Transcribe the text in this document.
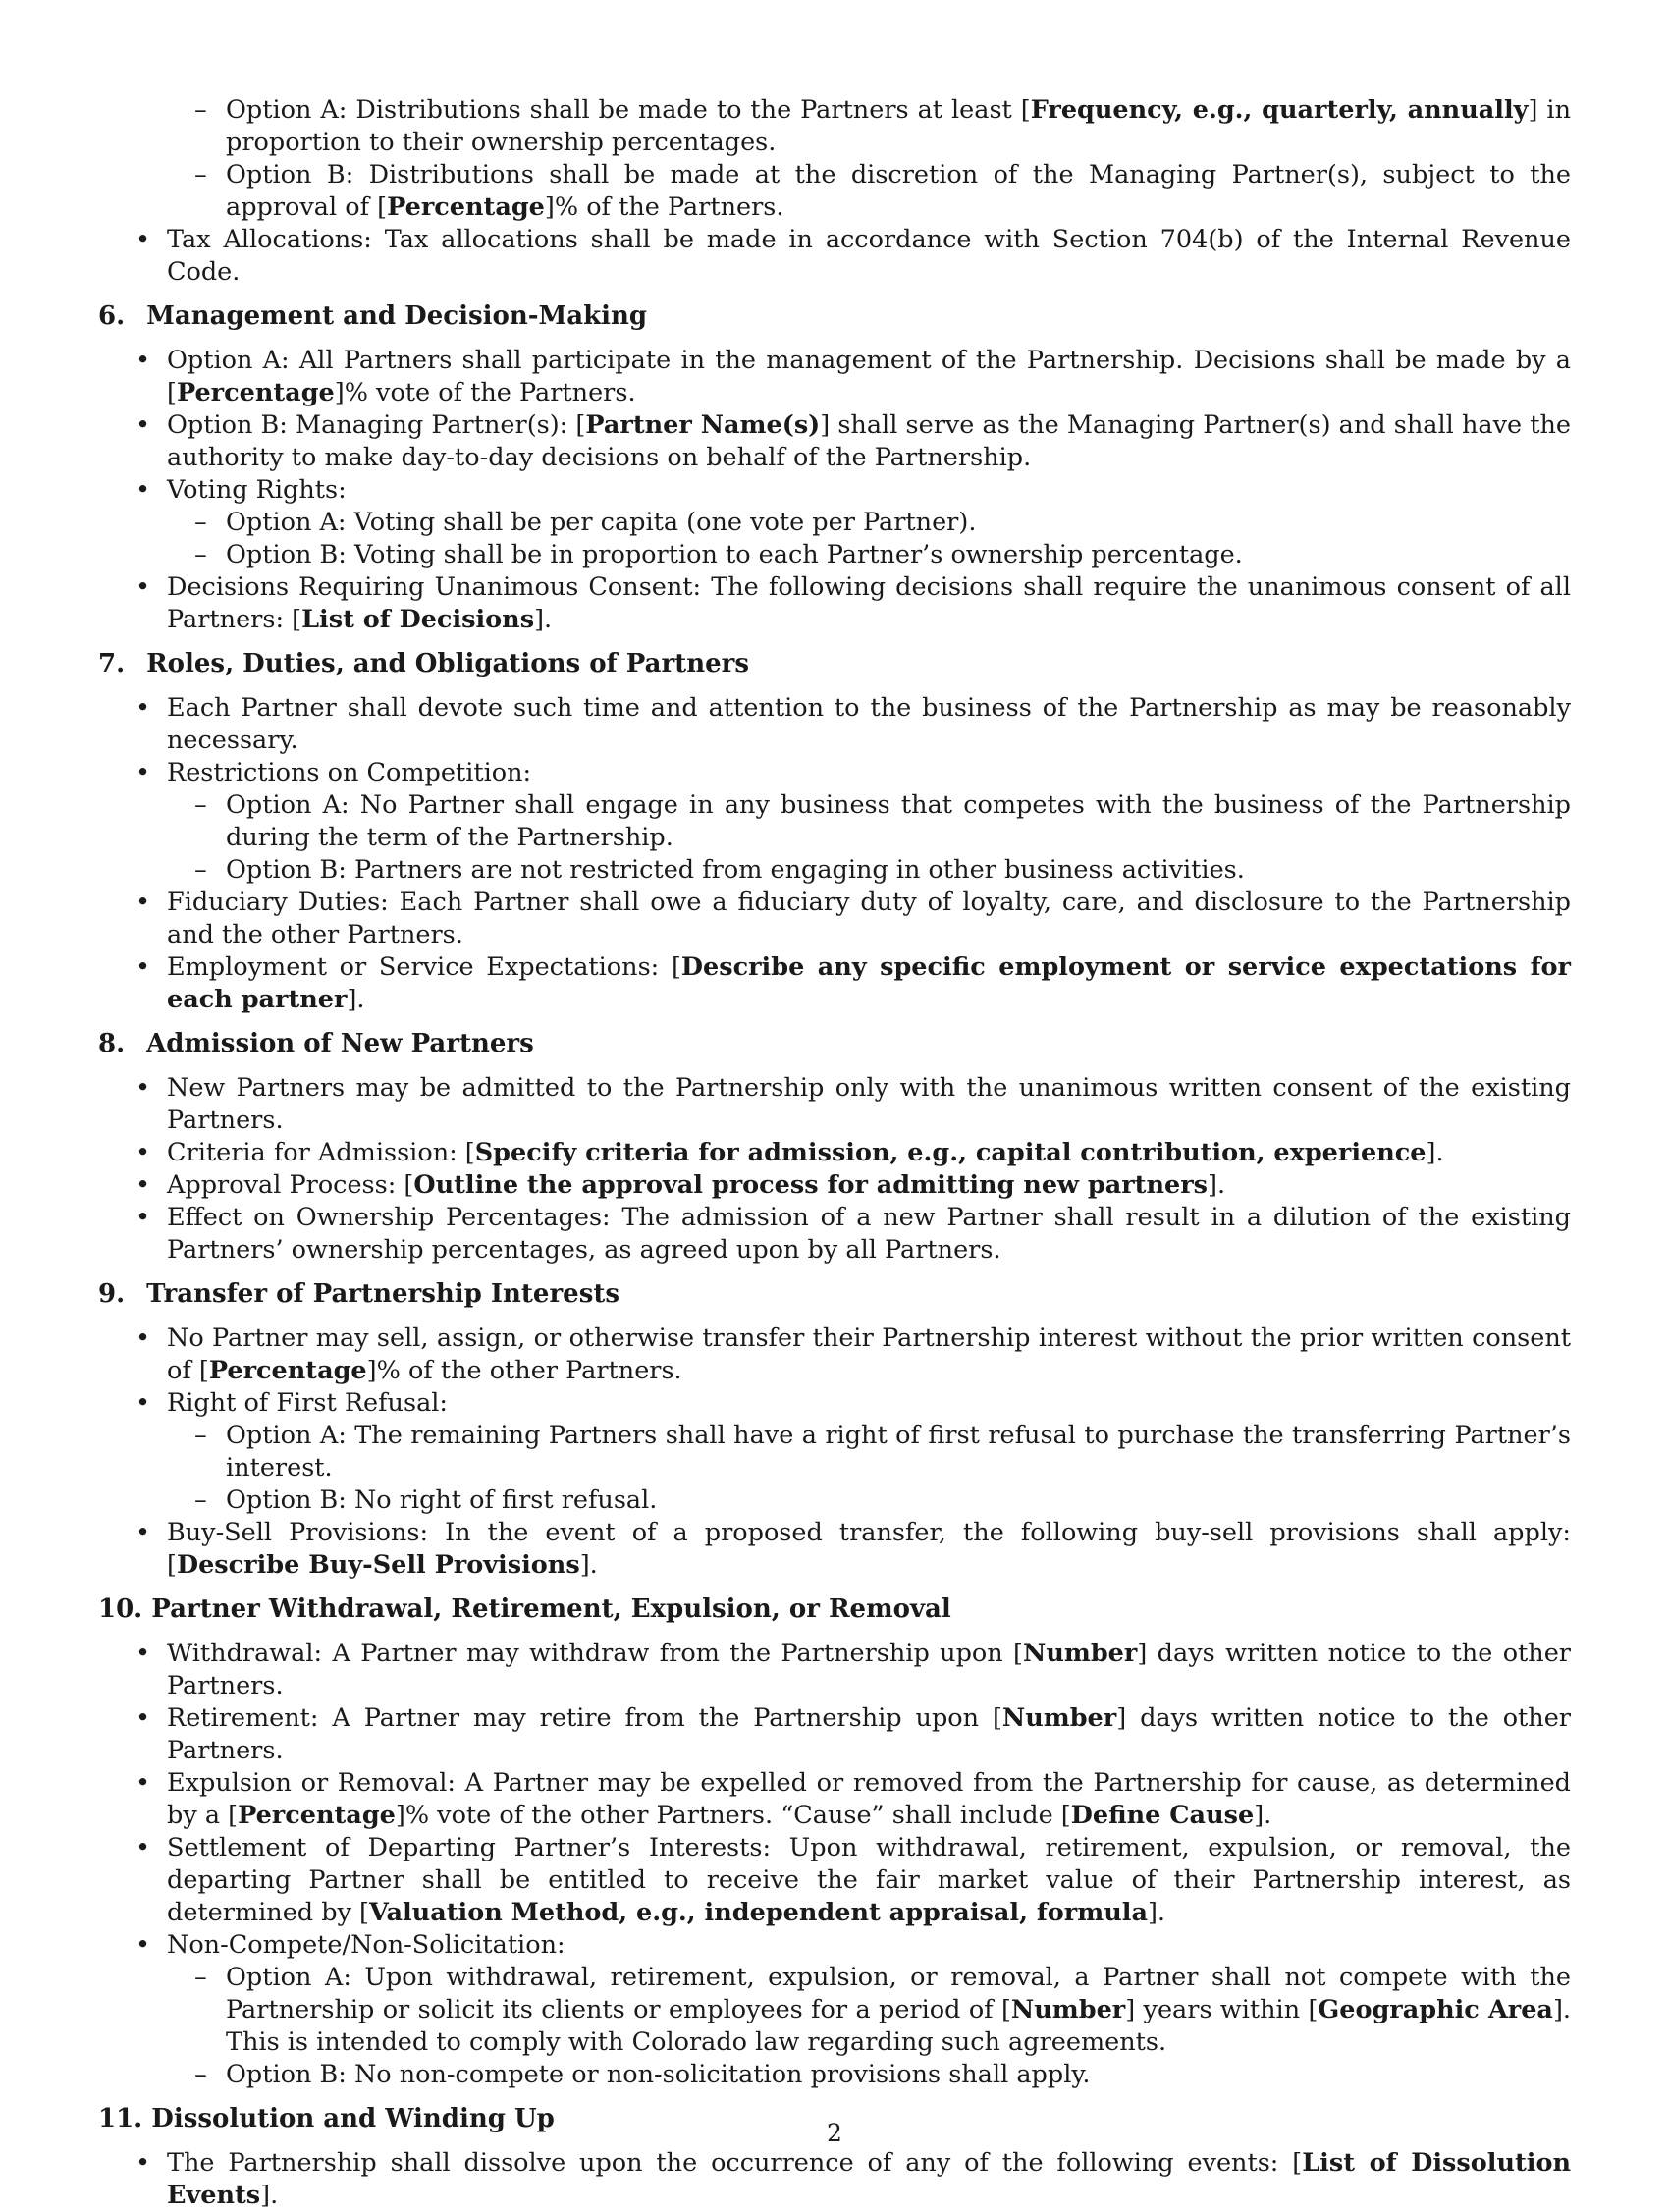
– Option A: Distributions shall be made to the Partners at least [Frequency, e.g., quarterly, annually] in proportion to their ownership percentages.
– Option B: Distributions shall be made at the discretion of the Managing Partner(s), subject to the approval of [Percentage]% of the Partners.
• Tax Allocations: Tax allocations shall be made in accordance with Section 704(b) of the Internal Revenue Code.
6. Management and Decision-Making
• Option A: All Partners shall participate in the management of the Partnership. Decisions shall be made by a [Percentage]% vote of the Partners.
• Option B: Managing Partner(s): [Partner Name(s)] shall serve as the Managing Partner(s) and shall have the authority to make day-to-day decisions on behalf of the Partnership.
• Voting Rights:
– Option A: Voting shall be per capita (one vote per Partner).
– Option B: Voting shall be in proportion to each Partner’s ownership percentage.
• Decisions Requiring Unanimous Consent: The following decisions shall require the unanimous consent of all Partners: [List of Decisions].
7. Roles, Duties, and Obligations of Partners
• Each Partner shall devote such time and attention to the business of the Partnership as may be reasonably necessary.
• Restrictions on Competition:
– Option A: No Partner shall engage in any business that competes with the business of the Partnership during the term of the Partnership.
– Option B: Partners are not restricted from engaging in other business activities.
• Fiduciary Duties: Each Partner shall owe a fiduciary duty of loyalty, care, and disclosure to the Partnership and the other Partners.
• Employment or Service Expectations: [Describe any specific employment or service expectations for each partner].
8. Admission of New Partners
• New Partners may be admitted to the Partnership only with the unanimous written consent of the existing Partners.
• Criteria for Admission: [Specify criteria for admission, e.g., capital contribution, experience].
• Approval Process: [Outline the approval process for admitting new partners].
• Effect on Ownership Percentages: The admission of a new Partner shall result in a dilution of the existing Partners’ ownership percentages, as agreed upon by all Partners.
9. Transfer of Partnership Interests
• No Partner may sell, assign, or otherwise transfer their Partnership interest without the prior written consent of [Percentage]% of the other Partners.
• Right of First Refusal:
– Option A: The remaining Partners shall have a right of first refusal to purchase the transferring Partner’s interest.
– Option B: No right of first refusal.
• Buy-Sell Provisions: In the event of a proposed transfer, the following buy-sell provisions shall apply: [Describe Buy-Sell Provisions].
10. Partner Withdrawal, Retirement, Expulsion, or Removal
• Withdrawal: A Partner may withdraw from the Partnership upon [Number] days written notice to the other Partners.
• Retirement: A Partner may retire from the Partnership upon [Number] days written notice to the other Partners.
• Expulsion or Removal: A Partner may be expelled or removed from the Partnership for cause, as determined by a [Percentage]% vote of the other Partners. “Cause” shall include [Define Cause].
• Settlement of Departing Partner’s Interests: Upon withdrawal, retirement, expulsion, or removal, the departing Partner shall be entitled to receive the fair market value of their Partnership interest, as determined by [Valuation Method, e.g., independent appraisal, formula].
• Non-Compete/Non-Solicitation:
– Option A: Upon withdrawal, retirement, expulsion, or removal, a Partner shall not compete with the Partnership or solicit its clients or employees for a period of [Number] years within [Geographic Area]. This is intended to comply with Colorado law regarding such agreements.
– Option B: No non-compete or non-solicitation provisions shall apply.
11. Dissolution and Winding Up
• The Partnership shall dissolve upon the occurrence of any of the following events: [List of Dissolution Events].
2
